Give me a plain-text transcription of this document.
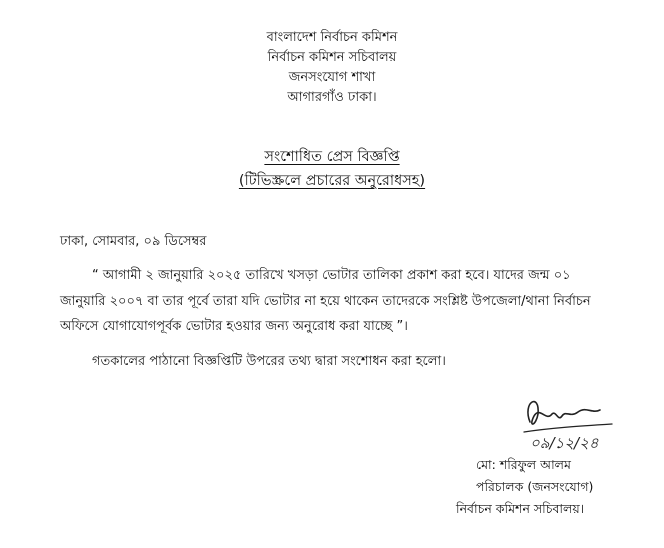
বাংলাদেশ নির্বাচন কমিশন
নির্বাচন কমিশন সচিবালয়
জনসংযোগ শাখা
আগারগাঁও ঢাকা।
সংশোধিত প্রেস বিজ্ঞপ্তি
(টিভিস্ক্রলে প্রচারের অনুরোধসহ)
ঢাকা, সোমবার, ০৯ ডিসেম্বর
“ আগামী ২ জানুয়ারি ২০২৫ তারিখে খসড়া ভোটার তালিকা প্রকাশ করা হবে। যাদের জন্ম ০১
জানুয়ারি ২০০৭ বা তার পূর্বে তারা যদি ভোটার না হয়ে থাকেন তাদেরকে সংশ্লিষ্ট উপজেলা/থানা নির্বাচন
অফিসে যোগাযোগপূর্বক ভোটার হওয়ার জন্য অনুরোধ করা যাচ্ছে ”।
গতকালের পাঠানো বিজ্ঞপ্তিটি উপরের তথ্য দ্বারা সংশোধন করা হলো।
০৯/১২/২৪
মো: শরিফুল আলম
পরিচালক (জনসংযোগ)
নির্বাচন কমিশন সচিবালয়।
